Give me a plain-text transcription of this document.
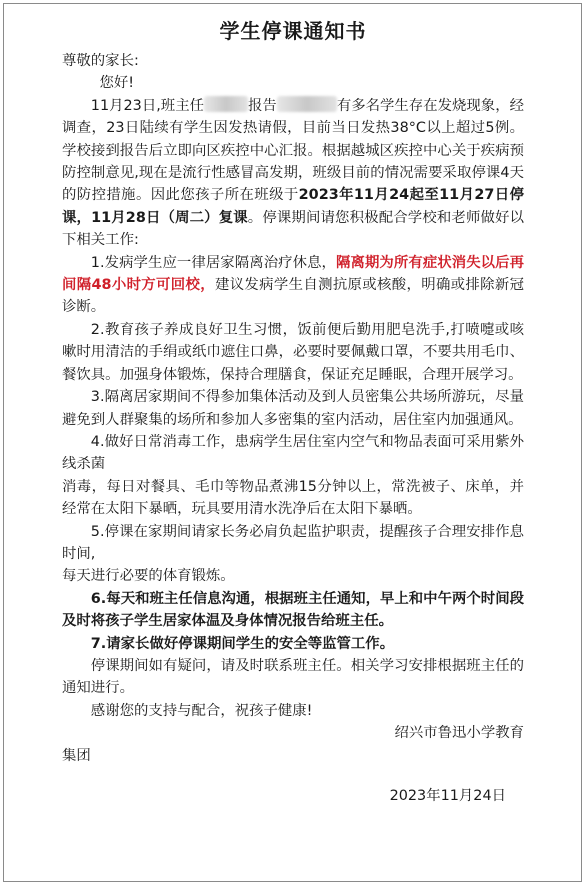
学生停课通知书

尊敬的家长:

您好!

11月23日,班主任	报告	有多名学生存在发烧现象，经调查，23日陆续有学生因发热请假，目前当日发热38°C以上超过5例。学校接到报告后立即向区疾控中心汇报。根据越城区疾控中心关于疾病预防控制意见,现在是流行性感冒高发期，班级目前的情况需要采取停课4天的防控措施。因此您孩子所在班级于2023年11月24起至11月27日停课，11月28日（周二）复课。停课期间请您积极配合学校和老师做好以下相关工作:

1.发病学生应一律居家隔离治疗休息，隔离期为所有症状消失以后再间隔48小时方可回校，建议发病学生自测抗原或核酸，明确或排除新冠诊断。

2.教育孩子养成良好卫生习惯，饭前便后勤用肥皂洗手,打喷嚏或咳嗽时用清洁的手绢或纸巾遮住口鼻，必要时要佩戴口罩，不要共用毛巾、餐饮具。加强身体锻炼，保持合理膳食，保证充足睡眠，合理开展学习。

3.隔离居家期间不得参加集体活动及到人员密集公共场所游玩，尽量避免到人群聚集的场所和参加人多密集的室内活动，居住室内加强通风。

4.做好日常消毒工作，患病学生居住室内空气和物品表面可采用紫外线杀菌

消毒，每日对餐具、毛巾等物品煮沸15分钟以上，常洗被子、床单，并经常在太阳下暴晒，玩具要用清水洗净后在太阳下暴晒。

5.停课在家期间请家长务必肩负起监护职责，提醒孩子合理安排作息时间,

每天进行必要的体育锻炼。

6.每天和班主任信息沟通，根据班主任通知，早上和中午两个时间段及时将孩子学生居家体温及身体情况报告给班主任。

7.请家长做好停课期间学生的安全等监管工作。

停课期间如有疑问，请及时联系班主任。相关学习安排根据班主任的通知进行。

感谢您的支持与配合，祝孩子健康!

绍兴市鲁迅小学教育

集团

2023年11月24日
